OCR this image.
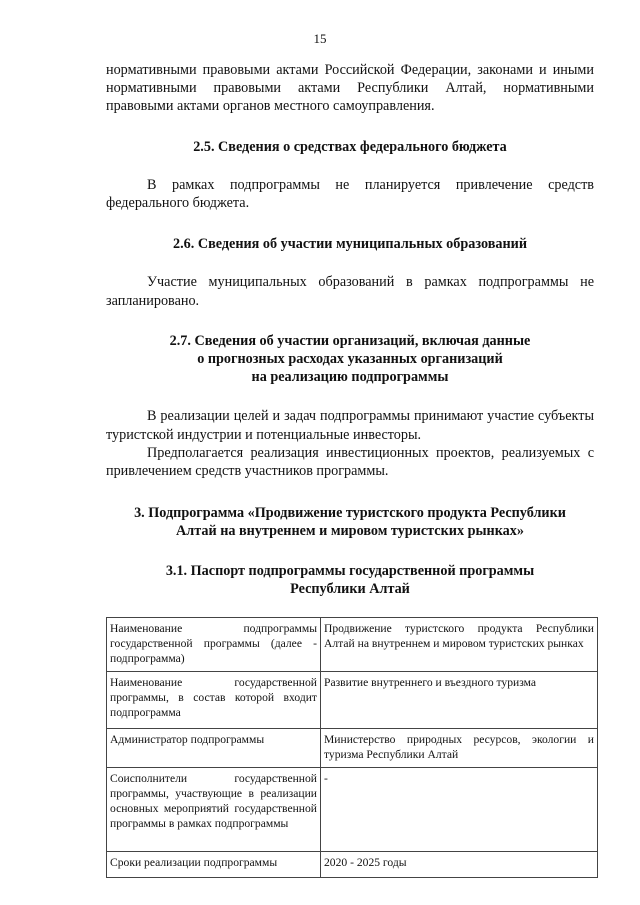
15

нормативными правовыми актами Российской Федерации, законами и иными нормативными правовыми актами Республики Алтай, нормативными правовыми актами органов местного самоуправления.

2.5. Сведения о средствах федерального бюджета

В рамках подпрограммы не планируется привлечение средств федерального бюджета.

2.6. Сведения об участии муниципальных образований

Участие муниципальных образований в рамках подпрограммы не запланировано.

2.7. Сведения об участии организаций, включая данные
о прогнозных расходах указанных организаций
на реализацию подпрограммы

В реализации целей и задач подпрограммы принимают участие субъекты туристской индустрии и потенциальные инвесторы.

Предполагается реализация инвестиционных проектов, реализуемых с привлечением средств участников программы.

3. Подпрограмма «Продвижение туристского продукта Республики
Алтай на внутреннем и мировом туристских рынках»
3.1. Паспорт подпрограммы государственной программы
Республики Алтай
Наименование подпрограммы государственной программы (далее - подпрограмма)	Продвижение туристского продукта Республики Алтай на внутреннем и мировом туристских рынках
Наименование государственной программы, в состав которой входит подпрограмма	Развитие внутреннего и въездного туризма
Администратор подпрограммы	Министерство природных ресурсов, экологии и туризма Республики Алтай
Соисполнители государственной программы, участвующие в реализации основных мероприятий государственной программы в рамках подпрограммы	-
Сроки реализации подпрограммы	2020 - 2025 годы
